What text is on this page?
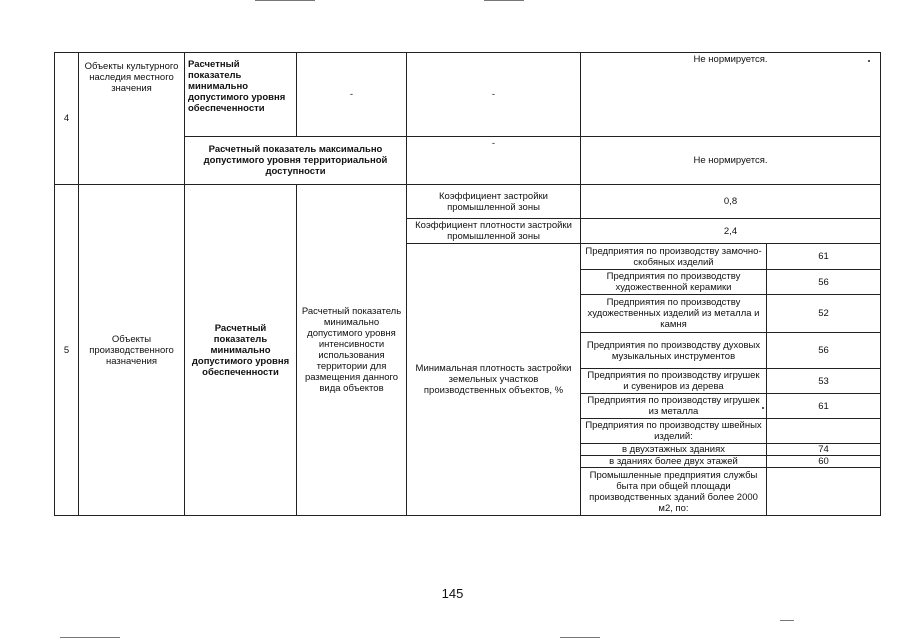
4	Объекты культурного наследия местного значения	Расчетный показатель минимально допустимого уровня обеспеченности	-	-	Не нормируется.	
		Расчетный показатель максимально допустимого уровня территориальной доступности		-	Не нормируется.	
5	Объекты производственного назначения	Расчетный показатель минимально допустимого уровня обеспеченности	Расчетный показатель минимально допустимого уровня интенсивности использования территории для размещения данного вида объектов	Коэффициент застройки промышленной зоны	0,8	
				Коэффициент плотности застройки промышленной зоны	2,4	
				Минимальная плотность застройки земельных участков производственных объектов, %	Предприятия по производству замочно-скобяных изделий	61
					Предприятия по производству художественной керамики	56
					Предприятия по производству художественных изделий из металла и камня	52
					Предприятия по производству духовых музыкальных инструментов	56
					Предприятия по производству игрушек и сувениров из дерева	53
					Предприятия по производству игрушек из металла	61
					Предприятия по производству швейных изделий:	
					в двухэтажных зданиях	74
					в зданиях более двух этажей	60
					Промышленные предприятия службы быта при общей площади производственных зданий более 2000 м2, по:	
145
